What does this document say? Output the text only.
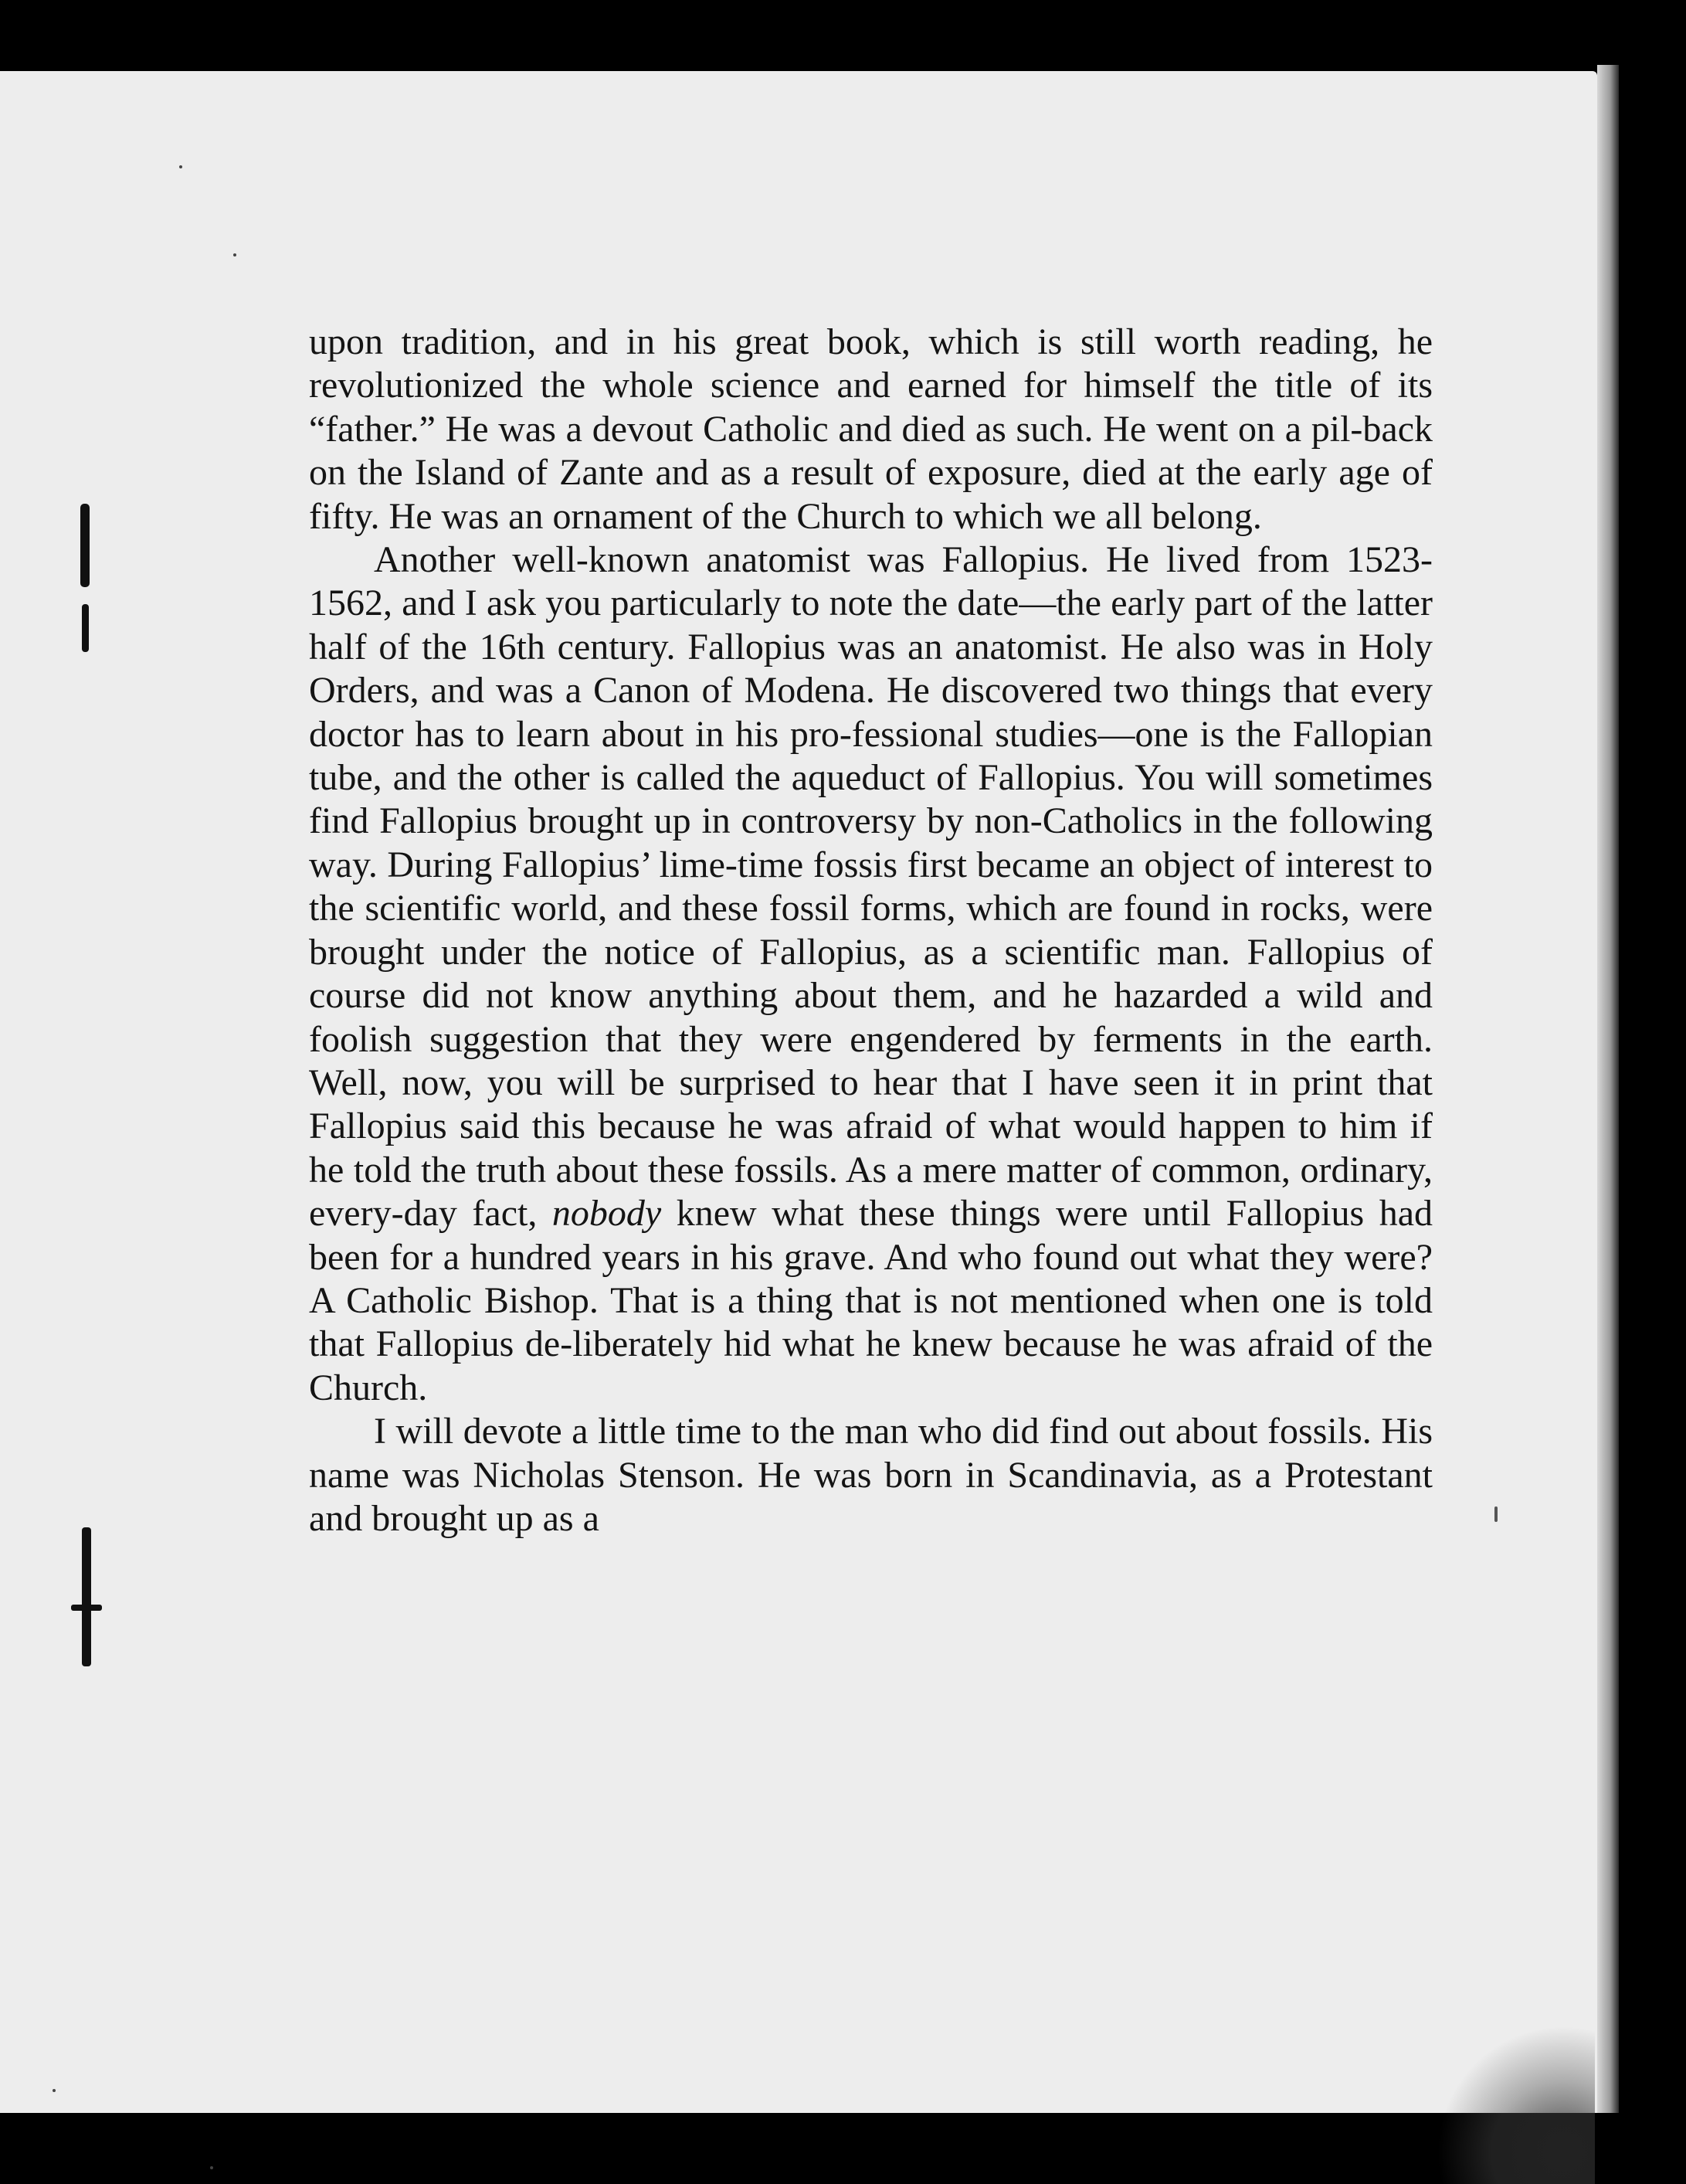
upon tradition, and in his great book, which is still worth reading, he revolutionized the whole science and earned for himself the title of its “father.” He was a devout Catholic and died as such. He went on a pil-back on the Island of Zante and as a result of exposure, died at the early age of fifty. He was an ornament of the Church to which we all belong.

Another well-known anatomist was Fallopius. He lived from 1523-1562, and I ask you particularly to note the date—the early part of the latter half of the 16th century. Fallopius was an anatomist. He also was in Holy Orders, and was a Canon of Modena. He discovered two things that every doctor has to learn about in his pro-fessional studies—one is the Fallopian tube, and the other is called the aqueduct of Fallopius. You will sometimes find Fallopius brought up in controversy by non-Catholics in the following way. During Fallopius’ lime-time fossis first became an object of interest to the scientific world, and these fossil forms, which are found in rocks, were brought under the notice of Fallopius, as a scientific man. Fallopius of course did not know anything about them, and he hazarded a wild and foolish suggestion that they were engendered by ferments in the earth. Well, now, you will be surprised to hear that I have seen it in print that Fallopius said this because he was afraid of what would happen to him if he told the truth about these fossils. As a mere matter of common, ordinary, every-day fact, nobody knew what these things were until Fallopius had been for a hundred years in his grave. And who found out what they were? A Catholic Bishop. That is a thing that is not mentioned when one is told that Fallopius de-liberately hid what he knew because he was afraid of the Church.

I will devote a little time to the man who did find out about fossils. His name was Nicholas Stenson. He was born in Scandinavia, as a Protestant and brought up as a
